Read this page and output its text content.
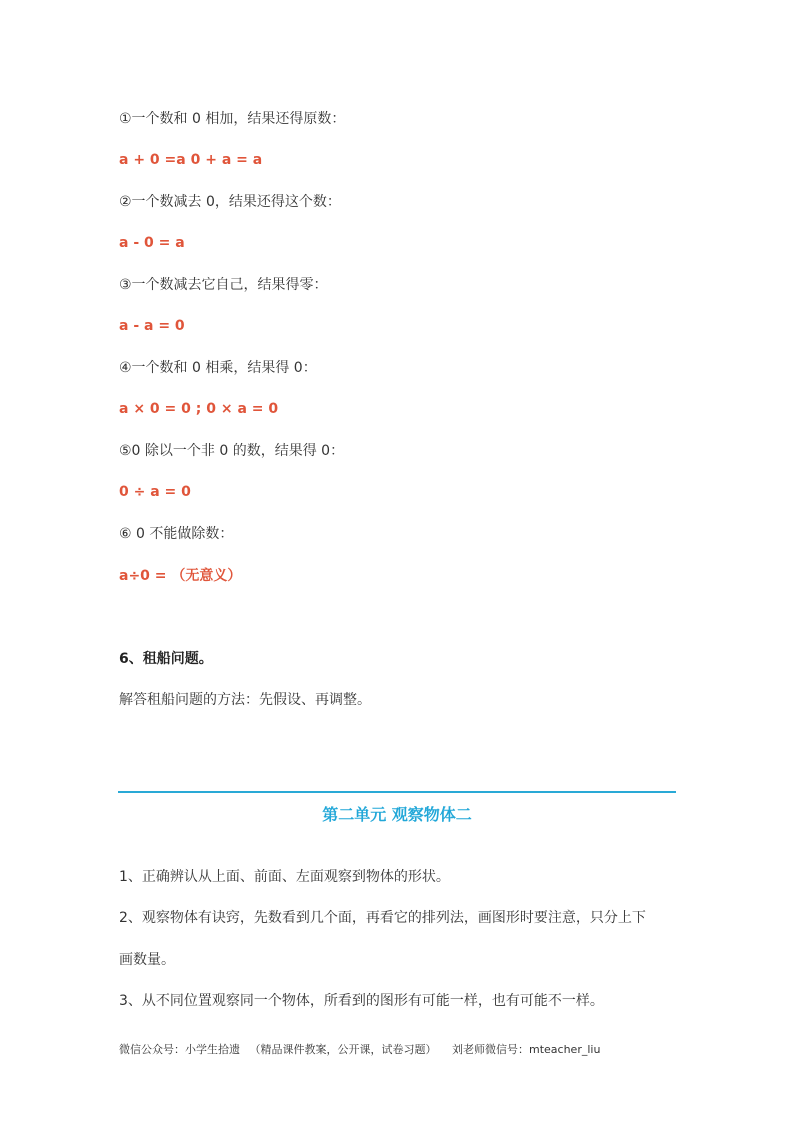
①一个数和 0 相加，结果还得原数：
a + 0 =a 0 + a = a
②一个数减去 0，结果还得这个数：
a - 0 = a
③一个数减去它自己，结果得零：
a - a = 0
④一个数和 0 相乘，结果得 0：
a × 0 = 0 ; 0 × a = 0
⑤0 除以一个非 0 的数，结果得 0：
0 ÷ a = 0
⑥ 0 不能做除数：
a÷0 = （无意义）
6、租船问题。
解答租船问题的方法：先假设、再调整。
第二单元 观察物体二
1、正确辨认从上面、前面、左面观察到物体的形状。
2、观察物体有诀窍，先数看到几个面，再看它的排列法，画图形时要注意，只分上下
画数量。
3、从不同位置观察同一个物体，所看到的图形有可能一样，也有可能不一样。
微信公众号：小学生拾遗 （精品课件教案，公开课，试卷习题） 刘老师微信号：mteacher_liu
